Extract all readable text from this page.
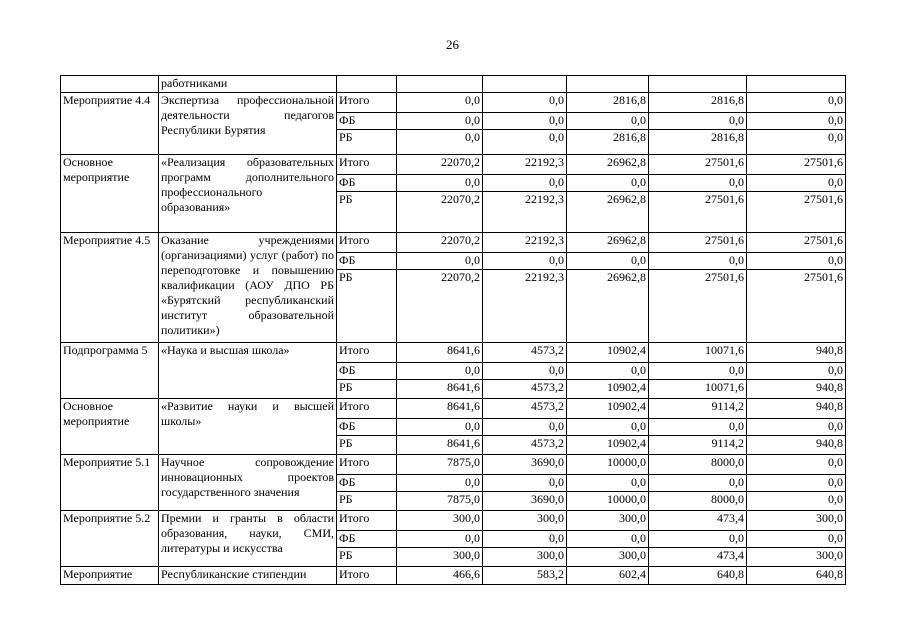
26
	работниками						
Мероприятие 4.4	Экспертиза профессиональной деятельности педагогов Республики Бурятия	Итого	0,0	0,0	2816,8	2816,8	0,0
		ФБ	0,0	0,0	0,0	0,0	0,0
		РБ	0,0	0,0	2816,8	2816,8	0,0
Основное мероприятие	«Реализация образовательных программ дополнительного профессионального образования»	Итого	22070,2	22192,3	26962,8	27501,6	27501,6
		ФБ	0,0	0,0	0,0	0,0	0,0
		РБ	22070,2	22192,3	26962,8	27501,6	27501,6
Мероприятие 4.5	Оказание учреждениями (организациями) услуг (работ) по переподготовке и повышению квалификации (АОУ ДПО РБ «Бурятский республиканский институт образовательной политики»)	Итого	22070,2	22192,3	26962,8	27501,6	27501,6
		ФБ	0,0	0,0	0,0	0,0	0,0
		РБ	22070,2	22192,3	26962,8	27501,6	27501,6
Подпрограмма 5	«Наука и высшая школа»	Итого	8641,6	4573,2	10902,4	10071,6	940,8
		ФБ	0,0	0,0	0,0	0,0	0,0
		РБ	8641,6	4573,2	10902,4	10071,6	940,8
Основное мероприятие	«Развитие науки и высшей школы»	Итого	8641,6	4573,2	10902,4	9114,2	940,8
		ФБ	0,0	0,0	0,0	0,0	0,0
		РБ	8641,6	4573,2	10902,4	9114,2	940,8
Мероприятие 5.1	Научное сопровождение инновационных проектов государственного значения	Итого	7875,0	3690,0	10000,0	8000,0	0,0
		ФБ	0,0	0,0	0,0	0,0	0,0
		РБ	7875,0	3690,0	10000,0	8000,0	0,0
Мероприятие 5.2	Премии и гранты в области образования, науки, СМИ, литературы и искусства	Итого	300,0	300,0	300,0	473,4	300,0
		ФБ	0,0	0,0	0,0	0,0	0,0
		РБ	300,0	300,0	300,0	473,4	300,0
Мероприятие	Республиканские стипендии	Итого	466,6	583,2	602,4	640,8	640,8
